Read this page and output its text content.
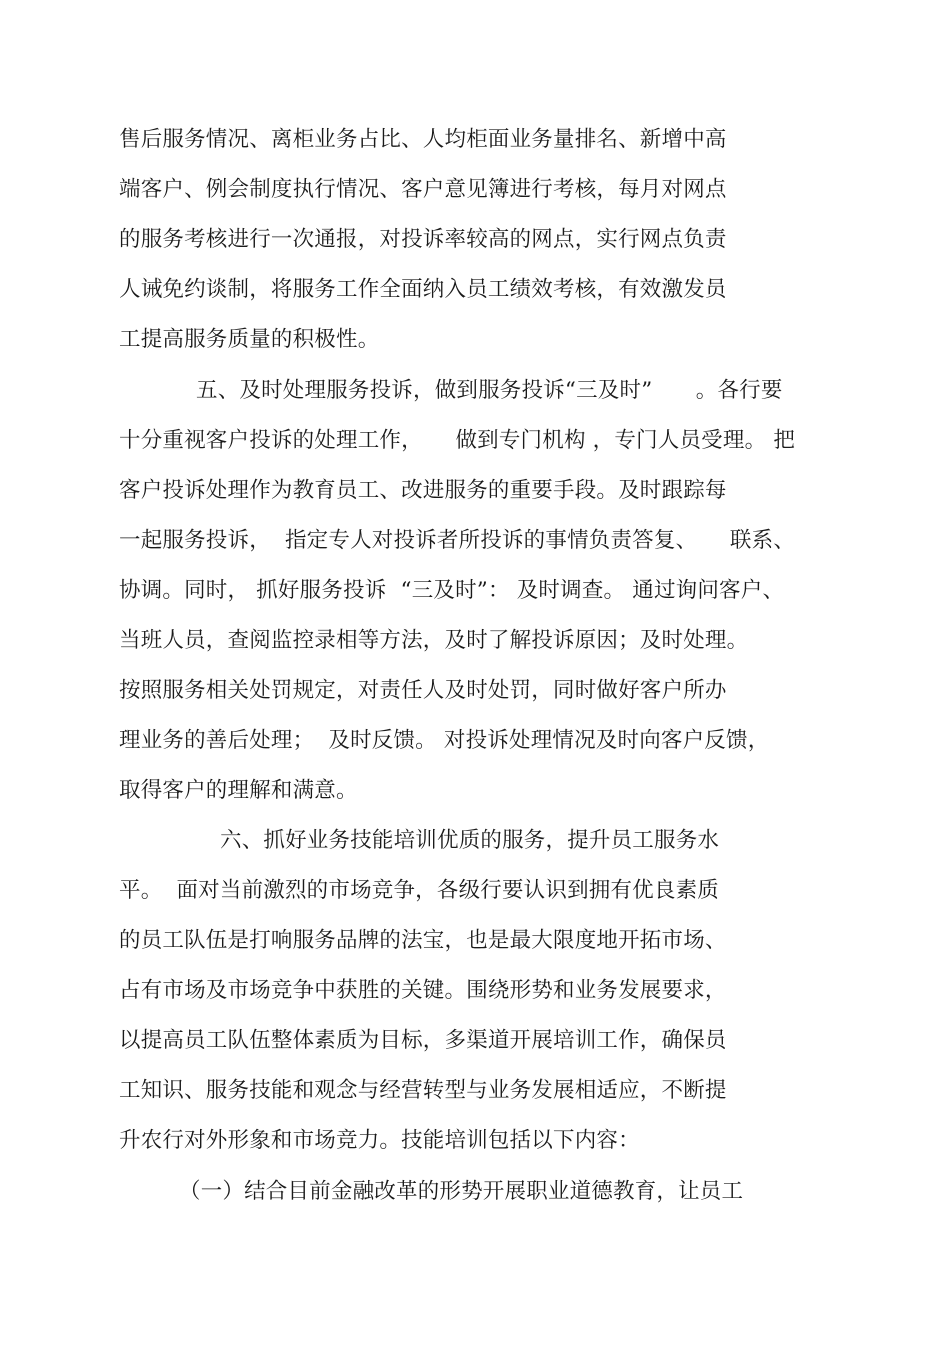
售后服务情况、离柜业务占比、人均柜面业务量排名、新增中高
端客户、例会制度执行情况、客户意见簿进行考核，每月对网点
的服务考核进行一次通报，对投诉率较高的网点，实行网点负责
人诫免约谈制，将服务工作全面纳入员工绩效考核，有效激发员
工提高服务质量的积极性。
五、及时处理服务投诉，做到服务投诉“三及时”　　。各行要
十分重视客户投诉的处理工作，　　做到专门机构 ，专门人员受理。 把
客户投诉处理作为教育员工、改进服务的重要手段。及时跟踪每
一起服务投诉，  指定专人对投诉者所投诉的事情负责答复、　　联系、
协调。同时， 抓好服务投诉  “三及时”： 及时调查。 通过询问客户、
当班人员，查阅监控录相等方法，及时了解投诉原因；及时处理。
按照服务相关处罚规定，对责任人及时处罚，同时做好客户所办
理业务的善后处理；  及时反馈。 对投诉处理情况及时向客户反馈，
取得客户的理解和满意。
六、抓好业务技能培训优质的服务，提升员工服务水
平。  面对当前激烈的市场竞争，各级行要认识到拥有优良素质
的员工队伍是打响服务品牌的法宝，也是最大限度地开拓市场、
占有市场及市场竞争中获胜的关键。围绕形势和业务发展要求，
以提高员工队伍整体素质为目标，多渠道开展培训工作，确保员
工知识、服务技能和观念与经营转型与业务发展相适应，不断提
升农行对外形象和市场竞力。技能培训包括以下内容：
（一）结合目前金融改革的形势开展职业道德教育，让员工
